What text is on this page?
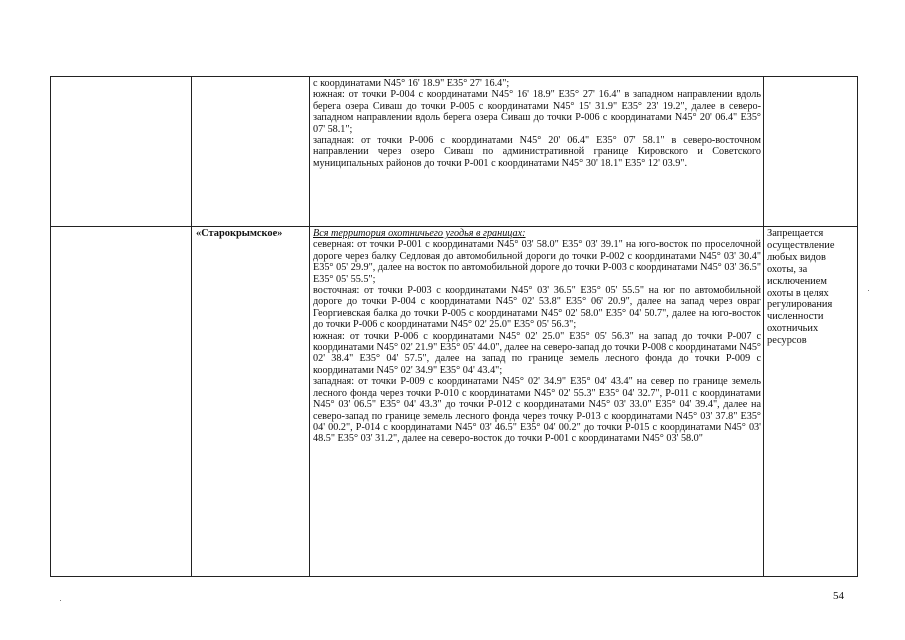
		с координатами N45° 16' 18.9" E35° 27' 16.4";

южная: от точки P-004 с координатами N45° 16' 18.9" E35° 27' 16.4" в западном направлении вдоль берега озера Сиваш до точки P-005 с координатами N45° 15' 31.9" E35° 23' 19.2", далее в северо-западном направлении вдоль берега озера Сиваш до точки P-006 с координатами N45° 20' 06.4" E35° 07' 58.1";

западная: от точки P-006 с координатами N45° 20' 06.4" E35° 07' 58.1" в северо-восточном направлении через озеро Сиваш по административной границе Кировского и Советского муниципальных районов до точки P-001 с координатами N45° 30' 18.1" E35° 12' 03.9".	

	«Старокрымское»	Вся территория охотничьего угодья в границах:

северная: от точки P-001 с координатами N45° 03' 58.0" E35° 03' 39.1" на юго-восток по проселочной дороге через балку Седловая до автомобильной дороги до точки P-002 с координатами N45° 03' 30.4" E35° 05' 29.9", далее на восток по автомобильной дороге до точки P-003 с координатами N45° 03' 36.5" E35° 05' 55.5";

восточная: от точки P-003 с координатами N45° 03' 36.5" E35° 05' 55.5" на юг по автомобильной дороге до точки P-004 с координатами N45° 02' 53.8" E35° 06' 20.9", далее на запад через овраг Георгиевская балка до точки P-005 с координатами N45° 02' 58.0" E35° 04' 50.7", далее на юго-восток до точки P-006 с координатами N45° 02' 25.0" E35° 05' 56.3";

южная: от точки P-006 с координатами N45° 02' 25.0" E35° 05' 56.3" на запад до точки P-007 с координатами N45° 02' 21.9" E35° 05' 44.0", далее на северо-запад до точки P-008 с координатами N45° 02' 38.4" E35° 04' 57.5", далее на запад по границе земель лесного фонда до точки P-009 с координатами N45° 02' 34.9" E35° 04' 43.4";

западная: от точки P-009 с координатами N45° 02' 34.9" E35° 04' 43.4" на север по границе земель лесного фонда через точки P-010 с координатами N45° 02' 55.3" E35° 04' 32.7", P-011 с координатами N45° 03' 06.5" E35° 04' 43.3" до точки P-012 с координатами N45° 03' 33.0" E35° 04' 39.4", далее на северо-запад по границе земель лесного фонда через точку P-013 с координатами N45° 03' 37.8" E35° 04' 00.2", P-014 с координатами N45° 03' 46.5" E35° 04' 00.2" до точки P-015 с координатами N45° 03' 48.5" E35° 03' 31.2", далее на северо-восток до точки P-001 с координатами N45° 03' 58.0"	Запрещается осуществление любых видов охоты, за исключением охоты в целях регулирования численности охотничьих ресурсов
54
